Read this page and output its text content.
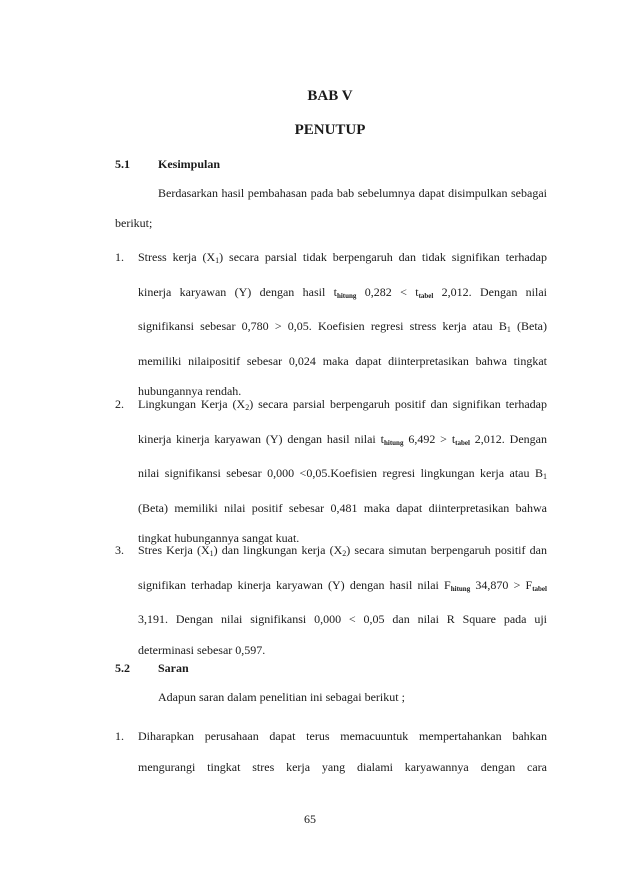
BAB V
PENUTUP
5.1	Kesimpulan

Berdasarkan hasil pembahasan pada bab sebelumnya dapat disimpulkan sebagai berikut;

1.	Stress kerja (X1) secara parsial tidak berpengaruh dan tidak signifikan terhadap kinerja karyawan (Y) dengan hasil $t_{hitung}$ $0,282 < t_{tabel}$ 2,012. Dengan nilai signifikansi sebesar 0,780 > 0,05. Koefisien regresi stress kerja atau B1 (Beta) memiliki nilaipositif sebesar 0,024 maka dapat diinterpretasikan bahwa tingkat hubungannya rendah.
2.	Lingkungan Kerja (X2) secara parsial berpengaruh positif dan signifikan terhadap kinerja kinerja karyawan (Y) dengan hasil nilai $t_{hitung}$ $6,492 > t_{tabel}$ 2,012. Dengan nilai signifikansi sebesar 0,000 <0,05.Koefisien regresi lingkungan kerja atau B1 (Beta) memiliki nilai positif sebesar 0,481 maka dapat diinterpretasikan bahwa tingkat hubungannya sangat kuat.
3.	Stres Kerja (X1) dan lingkungan kerja (X2) secara simutan berpengaruh positif dan signifikan terhadap kinerja karyawan (Y) dengan hasil nilai $F_{hitung}$ $34,870 > F_{tabel}$ 3,191. Dengan nilai signifikansi 0,000 < 0,05 dan nilai R Square pada uji determinasi sebesar 0,597.
5.2	Saran

Adapun saran dalam penelitian ini sebagai berikut ;

1.	Diharapkan perusahaan dapat terus memacuuntuk mempertahankan bahkan mengurangi tingkat stres kerja yang dialami karyawannya dengan cara
65
